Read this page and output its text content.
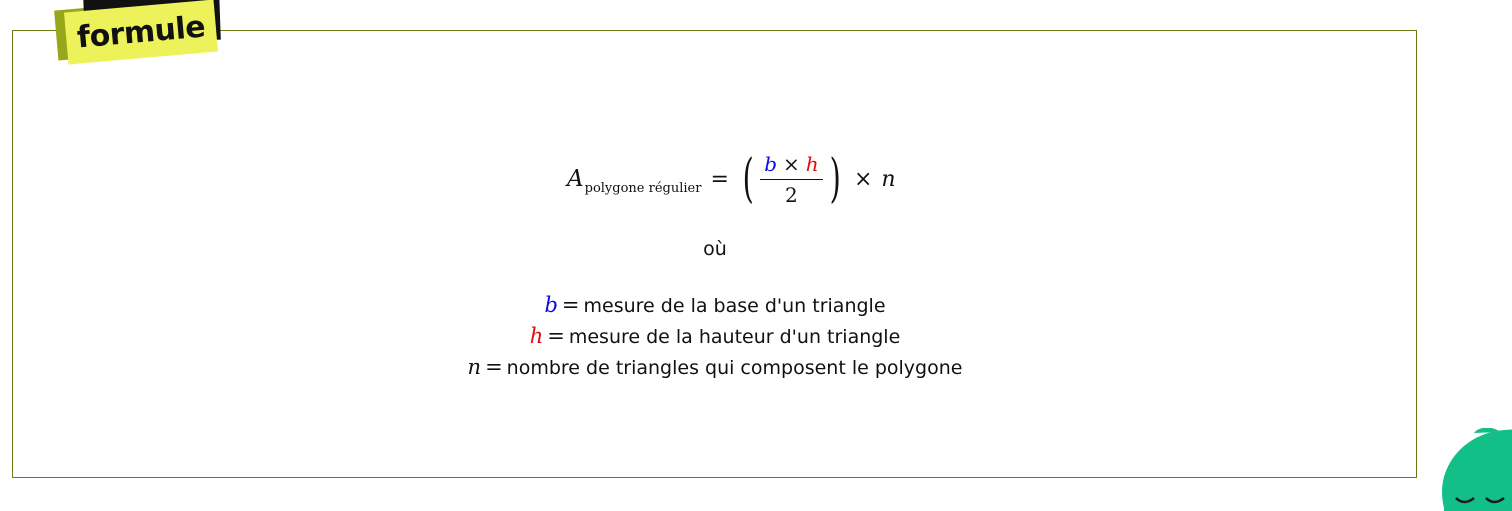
formule
A polygone régulier = ( $\frac{b \times h}{2}$ ) × n
où
b = mesure de la base d'un triangle
h = mesure de la hauteur d'un triangle
n = nombre de triangles qui composent le polygone
